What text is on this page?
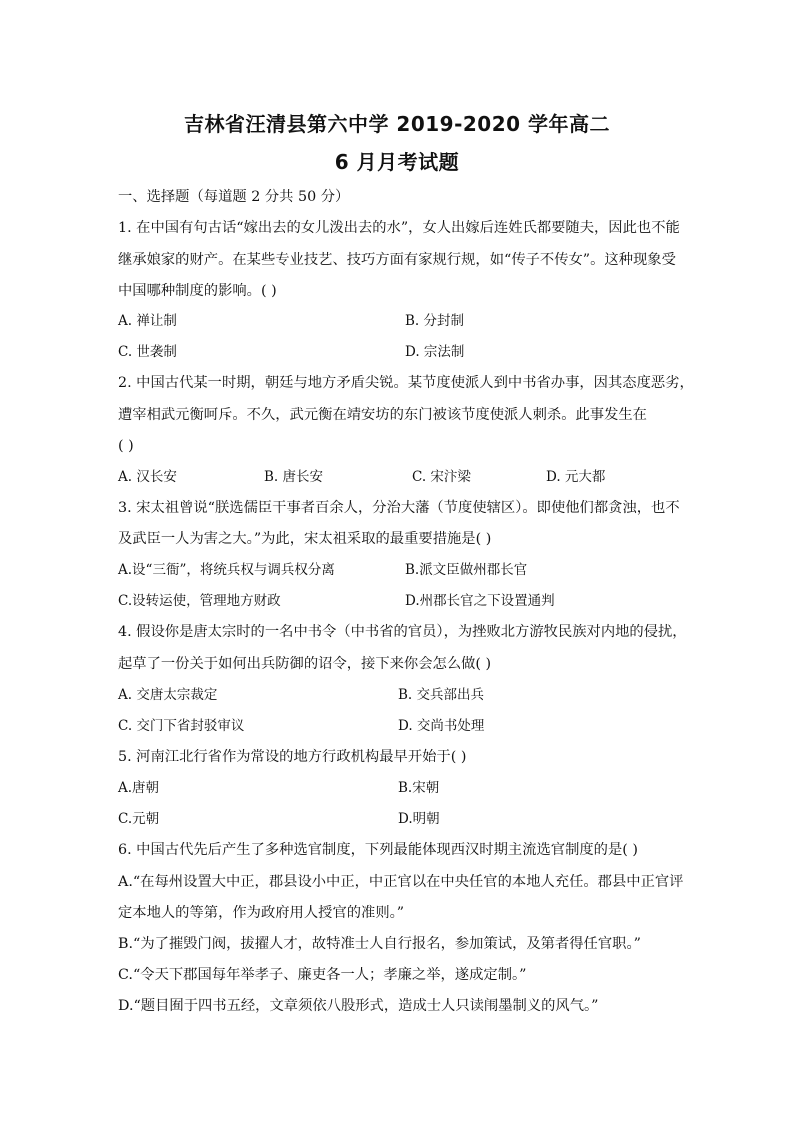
吉林省汪清县第六中学 2019-2020 学年高二
6 月月考试题
一、选择题（每道题 2 分共 50 分）
1. 在中国有句古话“嫁出去的女儿泼出去的水”，女人出嫁后连姓氏都要随夫，因此也不能
继承娘家的财产。在某些专业技艺、技巧方面有家规行规，如“传子不传女”。这种现象受
中国哪种制度的影响。( )
A. 禅让制	B. 分封制
C. 世袭制	D. 宗法制
2. 中国古代某一时期，朝廷与地方矛盾尖锐。某节度使派人到中书省办事，因其态度恶劣，
遭宰相武元衡呵斥。不久，武元衡在靖安坊的东门被该节度使派人刺杀。此事发生在
( )
A. 汉长安	B. 唐长安	C. 宋汴梁	D. 元大都
3. 宋太祖曾说“朕选儒臣干事者百余人，分治大藩（节度使辖区）。即使他们都贪浊，也不
及武臣一人为害之大。”为此，宋太祖采取的最重要措施是( )
A.设“三衙”，将统兵权与调兵权分离	B.派文臣做州郡长官
C.设转运使，管理地方财政	D.州郡长官之下设置通判
4. 假设你是唐太宗时的一名中书令（中书省的官员），为挫败北方游牧民族对内地的侵扰，
起草了一份关于如何出兵防御的诏令，接下来你会怎么做( )
A. 交唐太宗裁定	B. 交兵部出兵
C. 交门下省封驳审议	D. 交尚书处理
5. 河南江北行省作为常设的地方行政机构最早开始于( )
A.唐朝	B.宋朝
C.元朝	D.明朝
6. 中国古代先后产生了多种选官制度，下列最能体现西汉时期主流选官制度的是( )
A.“在每州设置大中正，郡县设小中正，中正官以在中央任官的本地人充任。郡县中正官评
定本地人的等第，作为政府用人授官的准则。”
B.“为了摧毁门阀，拔擢人才，故特准士人自行报名，参加策试，及第者得任官职。”
C.“令天下郡国每年举孝子、廉吏各一人；孝廉之举，遂成定制。”
D.“题目囿于四书五经，文章须依八股形式，造成士人只读闱墨制义的风气。”
